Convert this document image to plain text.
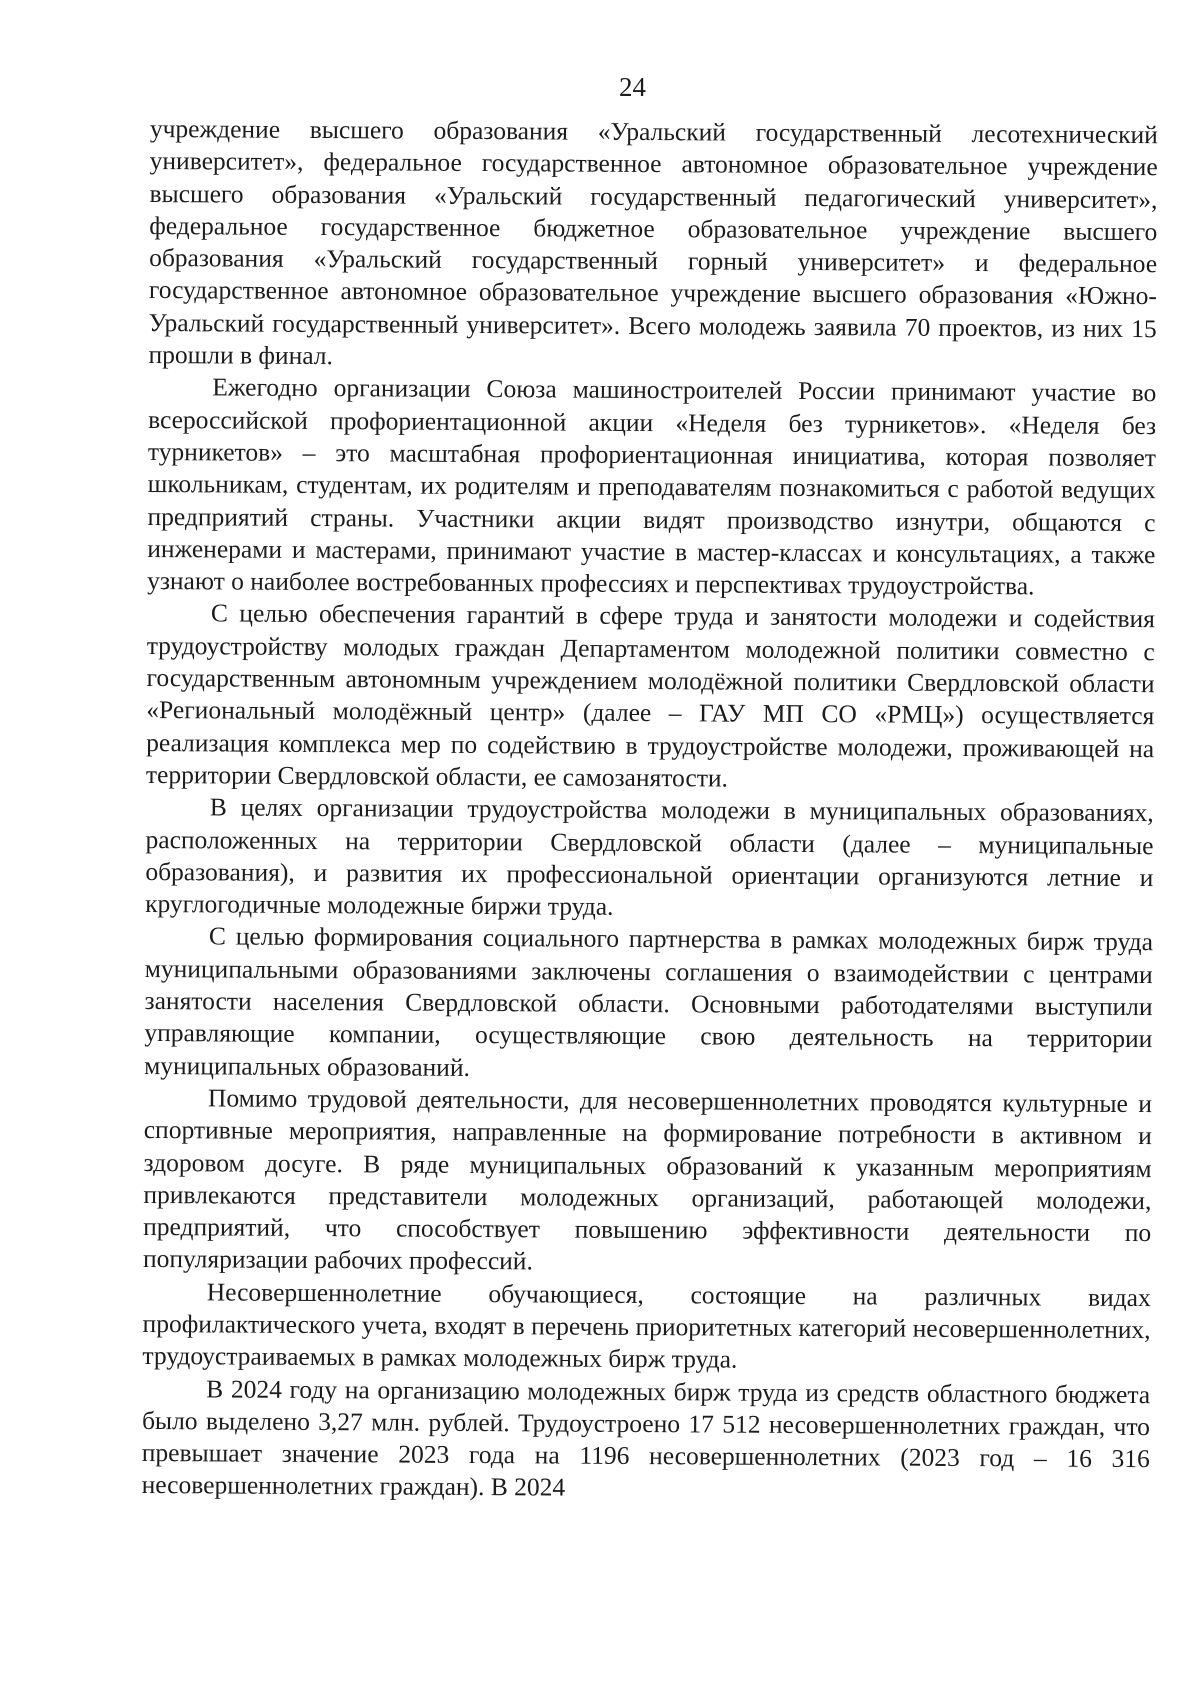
24

учреждение высшего образования «Уральский государственный лесотехнический университет», федеральное государственное автономное образовательное учреждение высшего образования «Уральский государственный педагогический университет», федеральное государственное бюджетное образовательное учреждение высшего образования «Уральский государственный горный университет» и федеральное государственное автономное образовательное учреждение высшего образования «Южно-Уральский государственный университет». Всего молодежь заявила 70 проектов, из них 15 прошли в финал.

Ежегодно организации Союза машиностроителей России принимают участие во всероссийской профориентационной акции «Неделя без турникетов». «Неделя без турникетов» – это масштабная профориентационная инициатива, которая позволяет школьникам, студентам, их родителям и преподавателям познакомиться с работой ведущих предприятий страны. Участники акции видят производство изнутри, общаются с инженерами и мастерами, принимают участие в мастер-классах и консультациях, а также узнают о наиболее востребованных профессиях и перспективах трудоустройства.

С целью обеспечения гарантий в сфере труда и занятости молодежи и содействия трудоустройству молодых граждан Департаментом молодежной политики совместно с государственным автономным учреждением молодёжной политики Свердловской области «Региональный молодёжный центр» (далее – ГАУ МП СО «РМЦ») осуществляется реализация комплекса мер по содействию в трудоустройстве молодежи, проживающей на территории Свердловской области, ее самозанятости.

В целях организации трудоустройства молодежи в муниципальных образованиях, расположенных на территории Свердловской области (далее – муниципальные образования), и развития их профессиональной ориентации организуются летние и круглогодичные молодежные биржи труда.

С целью формирования социального партнерства в рамках молодежных бирж труда муниципальными образованиями заключены соглашения о взаимодействии с центрами занятости населения Свердловской области. Основными работодателями выступили управляющие компании, осуществляющие свою деятельность на территории муниципальных образований.

Помимо трудовой деятельности, для несовершеннолетних проводятся культурные и спортивные мероприятия, направленные на формирование потребности в активном и здоровом досуге. В ряде муниципальных образований к указанным мероприятиям привлекаются представители молодежных организаций, работающей молодежи, предприятий, что способствует повышению эффективности деятельности по популяризации рабочих профессий.

Несовершеннолетние обучающиеся, состоящие на различных видах профилактического учета, входят в перечень приоритетных категорий несовершеннолетних, трудоустраиваемых в рамках молодежных бирж труда.

В 2024 году на организацию молодежных бирж труда из средств областного бюджета было выделено 3,27 млн. рублей. Трудоустроено 17 512 несовершеннолетних граждан, что превышает значение 2023 года на 1196 несовершеннолетних (2023 год – 16 316 несовершеннолетних граждан). В 2024
